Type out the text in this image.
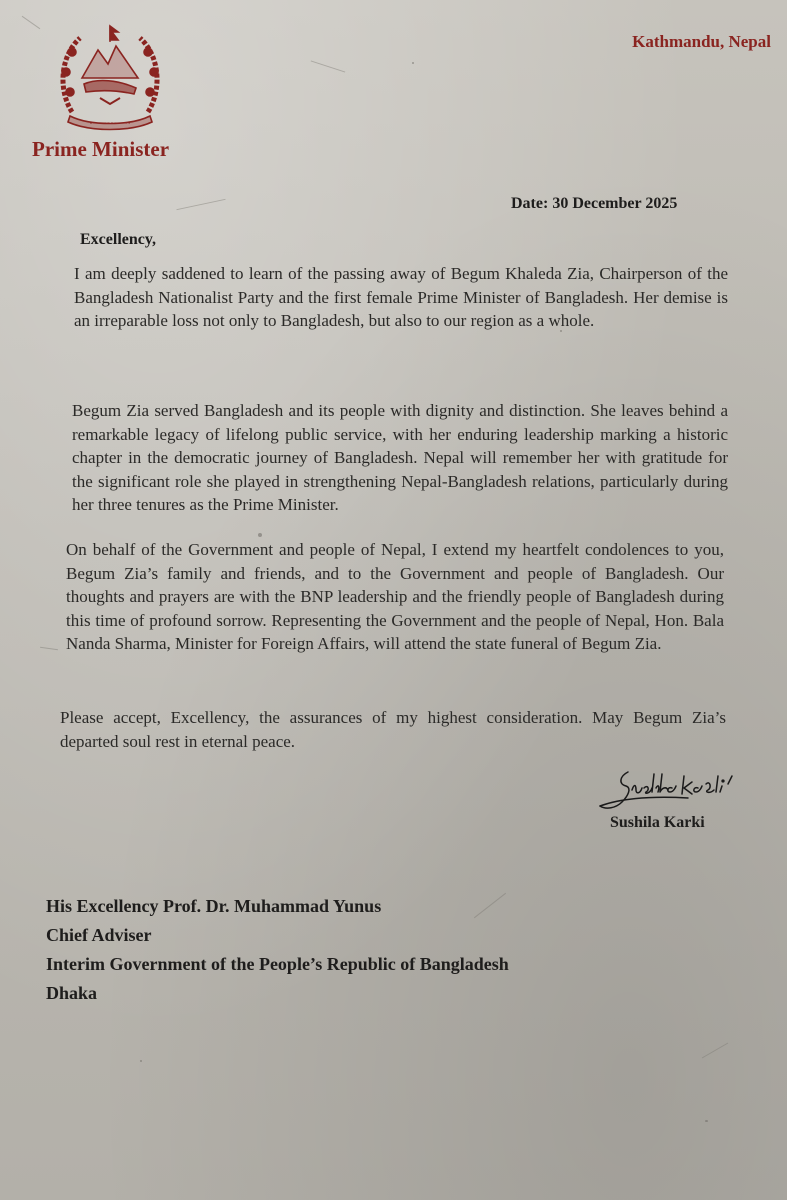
Prime Minister
Kathmandu, Nepal
Date: 30 December 2025
Excellency,

I am deeply saddened to learn of the passing away of Begum Khaleda Zia, Chairperson of the Bangladesh Nationalist Party and the first female Prime Minister of Bangladesh. Her demise is an irreparable loss not only to Bangladesh, but also to our region as a whole.

Begum Zia served Bangladesh and its people with dignity and distinction. She leaves behind a remarkable legacy of lifelong public service, with her enduring leadership marking a historic chapter in the democratic journey of Bangladesh. Nepal will remember her with gratitude for the significant role she played in strengthening Nepal-Bangladesh relations, particularly during her three tenures as the Prime Minister.

On behalf of the Government and people of Nepal, I extend my heartfelt condolences to you, Begum Zia’s family and friends, and to the Government and people of Bangladesh. Our thoughts and prayers are with the BNP leadership and the friendly people of Bangladesh during this time of profound sorrow. Representing the Government and the people of Nepal, Hon. Bala Nanda Sharma, Minister for Foreign Affairs, will attend the state funeral of Begum Zia.

Please accept, Excellency, the assurances of my highest consideration. May Begum Zia’s departed soul rest in eternal peace.

Sushila Karki
His Excellency Prof. Dr. Muhammad Yunus
Chief Adviser
Interim Government of the People’s Republic of Bangladesh
Dhaka
